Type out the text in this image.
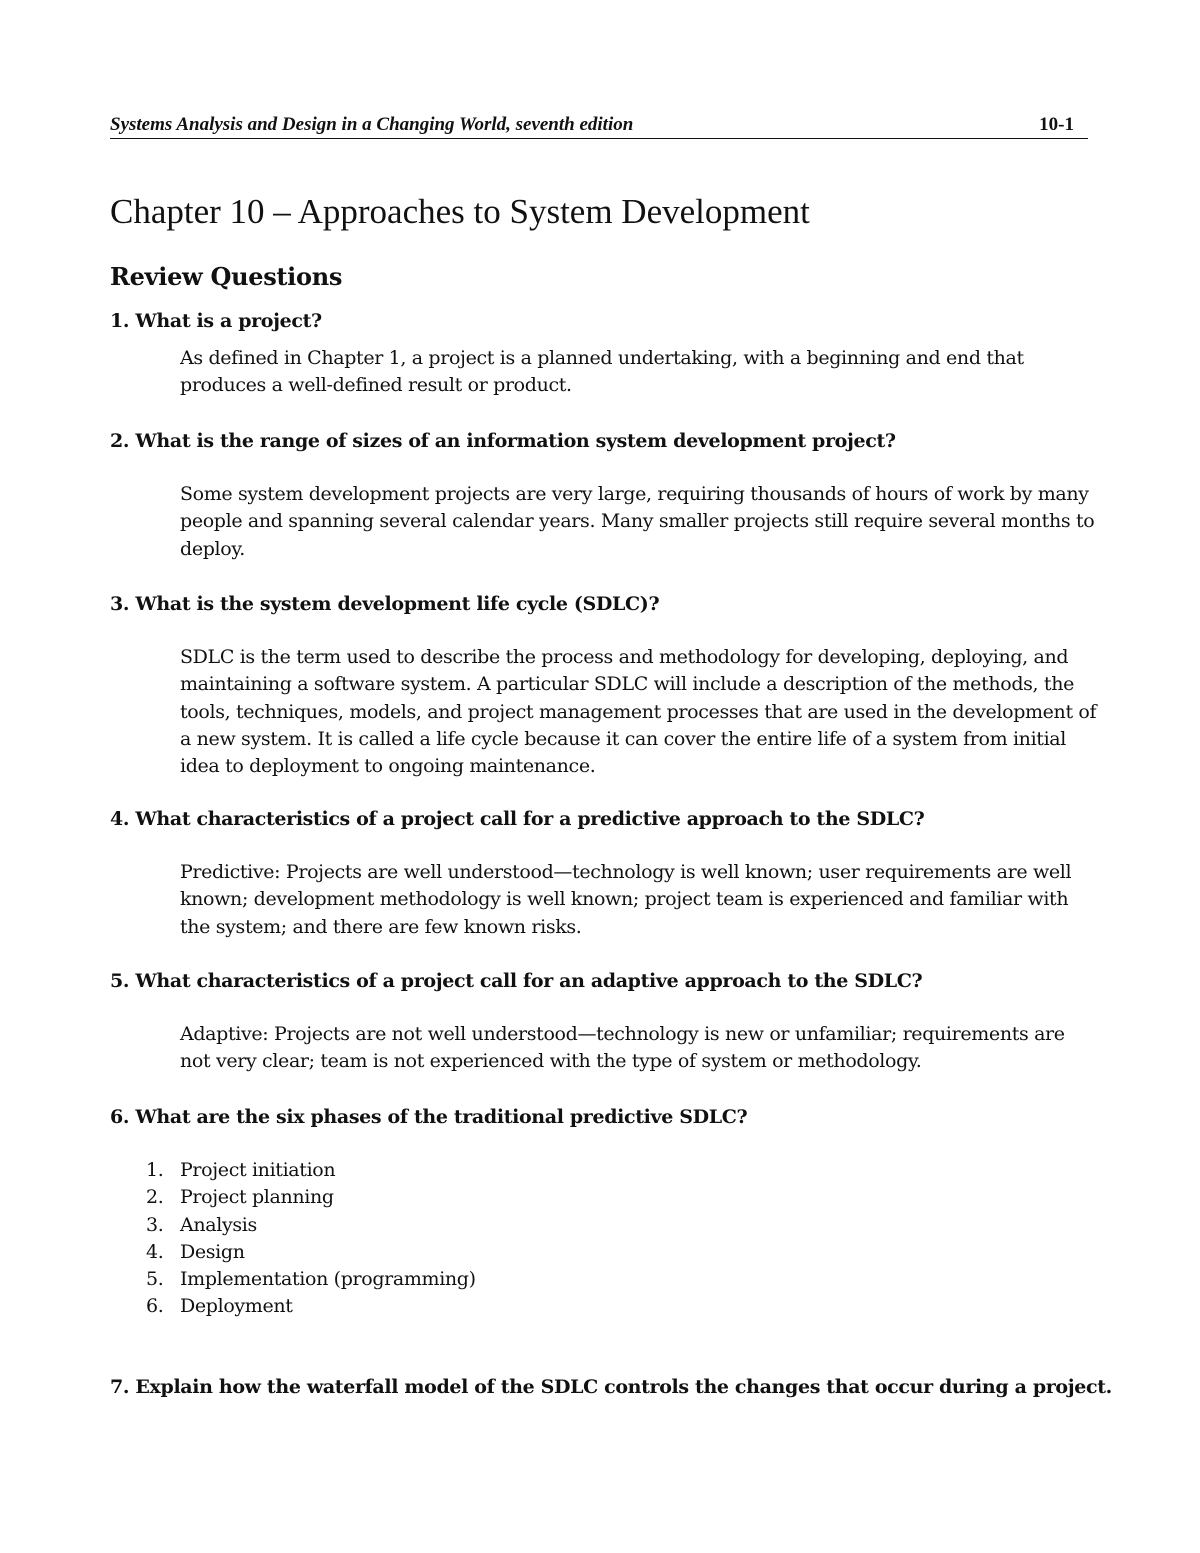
Systems Analysis and Design in a Changing World, seventh edition	10-1
Chapter 10 – Approaches to System Development
Review Questions

1. What is a project?

As defined in Chapter 1, a project is a planned undertaking, with a beginning and end that produces a well-defined result or product.

2. What is the range of sizes of an information system development project?

Some system development projects are very large, requiring thousands of hours of work by many people and spanning several calendar years. Many smaller projects still require several months to deploy.

3. What is the system development life cycle (SDLC)?

SDLC is the term used to describe the process and methodology for developing, deploying, and maintaining a software system. A particular SDLC will include a description of the methods, the tools, techniques, models, and project management processes that are used in the development of a new system. It is called a life cycle because it can cover the entire life of a system from initial idea to deployment to ongoing maintenance.

4. What characteristics of a project call for a predictive approach to the SDLC?

Predictive: Projects are well understood—technology is well known; user requirements are well known; development methodology is well known; project team is experienced and familiar with the system; and there are few known risks.

5. What characteristics of a project call for an adaptive approach to the SDLC?

Adaptive: Projects are not well understood—technology is new or unfamiliar; requirements are not very clear; team is not experienced with the type of system or methodology.

6. What are the six phases of the traditional predictive SDLC?

1. Project initiation
2. Project planning
3. Analysis
4. Design
5. Implementation (programming)
6. Deployment

7. Explain how the waterfall model of the SDLC controls the changes that occur during a project.
